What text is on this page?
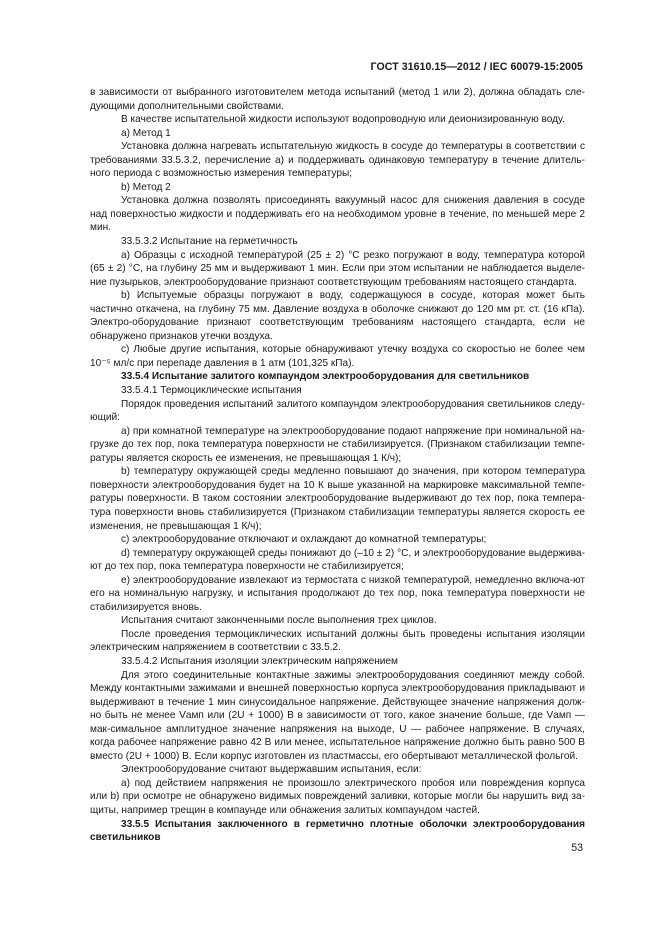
ГОСТ 31610.15—2012 / IEC 60079-15:2005

в зависимости от выбранного изготовителем метода испытаний (метод 1 или 2), должна обладать сле-дующими дополнительными свойствами.

В качестве испытательной жидкости используют водопроводную или деионизированную воду.

a) Метод 1

Установка должна нагревать испытательную жидкость в сосуде до температуры в соответствии с требованиями 33.5.3.2, перечисление а) и поддерживать одинаковую температуру в течение длитель-ного периода с возможностью измерения температуры;

b) Метод 2

Установка должна позволять присоединять вакуумный насос для снижения давления в сосуде над поверхностью жидкости и поддерживать его на необходимом уровне в течение, по меньшей мере 2 мин.

33.5.3.2 Испытание на герметичность

а) Образцы с исходной температурой (25 ± 2) °С резко погружают в воду, температура которой (65 ± 2) °С, на глубину 25 мм и выдерживают 1 мин. Если при этом испытании не наблюдается выделе-ние пузырьков, электрооборудование признают соответствующим требованиям настоящего стандарта.

b) Испытуемые образцы погружают в воду, содержащуюся в сосуде, которая может быть частично откачена, на глубину 75 мм. Давление воздуха в оболочке снижают до 120 мм рт. ст. (16 кПа). Электро-оборудование признают соответствующим требованиям настоящего стандарта, если не обнаружено признаков утечки воздуха.

с) Любые другие испытания, которые обнаруживают утечку воздуха со скоростью не более чем 10⁻⁵ мл/с при перепаде давления в 1 атм (101,325 кПа).

33.5.4 Испытание залитого компаундом электрооборудования для светильников

33.5.4.1 Термоциклические испытания

Порядок проведения испытаний залитого компаундом электрооборудования светильников следу-ющий:

а) при комнатной температуре на электрооборудование подают напряжение при номинальной на-грузке до тех пор, пока температура поверхности не стабилизируется. (Признаком стабилизации темпе-ратуры является скорость ее изменения, не превышающая 1 К/ч);

b) температуру окружающей среды медленно повышают до значения, при котором температура поверхности электрооборудования будет на 10 К выше указанной на маркировке максимальной темпе-ратуры поверхности. В таком состоянии электрооборудование выдерживают до тех пор, пока темпера-тура поверхности вновь стабилизируется (Признаком стабилизации температуры является скорость ее изменения, не превышающая 1 К/ч);

с) электрооборудование отключают и охлаждают до комнатной температуры;

d) температуру окружающей среды понижают до (–10 ± 2) °С, и электрооборудование выдержива-ют до тех пор, пока температура поверхности не стабилизируется;

е) электрооборудование извлекают из термостата с низкой температурой, немедленно включа-ют его на номинальную нагрузку, и испытания продолжают до тех пор, пока температура поверхности не стабилизируется вновь.

Испытания считают законченными после выполнения трех циклов.

После проведения термоциклических испытаний должны быть проведены испытания изоляции электрическим напряжением в соответствии с 33.5.2.

33.5.4.2 Испытания изоляции электрическим напряжением

Для этого соединительные контактные зажимы электрооборудования соединяют между собой. Между контактными зажимами и внешней поверхностью корпуса электрооборудования прикладывают и выдерживают в течение 1 мин синусоидальное напряжение. Действующее значение напряжения долж-но быть не менее Vамп или (2U + 1000) В в зависимости от того, какое значение больше, где Vамп — мак-симальное амплитудное значение напряжения на выходе, U — рабочее напряжение. В случаях, когда рабочее напряжение равно 42 В или менее, испытательное напряжение должно быть равно 500 В вместо (2U + 1000) В. Если корпус изготовлен из пластмассы, его обертывают металлической фольгой.

Электрооборудование считают выдержавшим испытания, если:

а) под действием напряжения не произошло электрического пробоя или повреждения корпуса или b) при осмотре не обнаружено видимых повреждений заливки, которые могли бы нарушить вид за-щиты, например трещин в компаунде или обнажения залитых компаундом частей.

33.5.5 Испытания заключенного в герметично плотные оболочки электрооборудования светильников

53
